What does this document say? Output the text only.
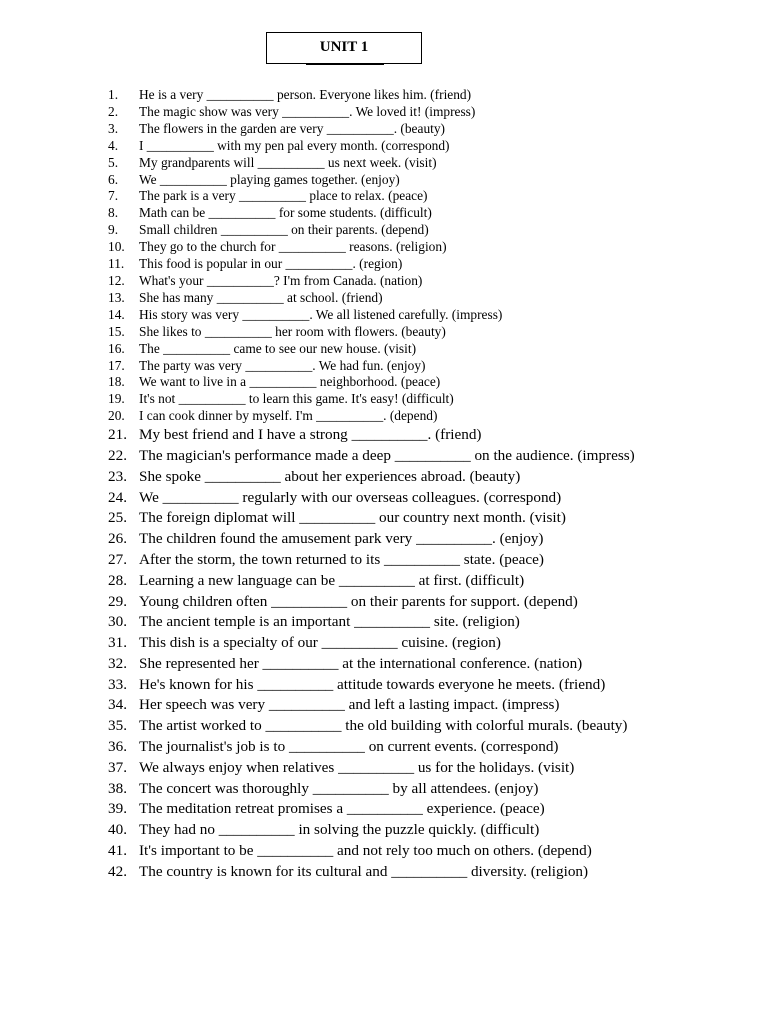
UNIT 1
1.	He is a very __________ person. Everyone likes him. (friend)
2.	The magic show was very __________. We loved it! (impress)
3.	The flowers in the garden are very __________. (beauty)
4.	I __________ with my pen pal every month. (correspond)
5.	My grandparents will __________ us next week. (visit)
6.	We __________ playing games together. (enjoy)
7.	The park is a very __________ place to relax. (peace)
8.	Math can be __________ for some students. (difficult)
9.	Small children __________ on their parents. (depend)
10.	They go to the church for __________ reasons. (religion)
11.	This food is popular in our __________. (region)
12.	What's your __________? I'm from Canada. (nation)
13.	She has many __________ at school. (friend)
14.	His story was very __________. We all listened carefully. (impress)
15.	She likes to __________ her room with flowers. (beauty)
16.	The __________ came to see our new house. (visit)
17.	The party was very __________. We had fun. (enjoy)
18.	We want to live in a __________ neighborhood. (peace)
19.	It's not __________ to learn this game. It's easy! (difficult)
20.	I can cook dinner by myself. I'm __________. (depend)
21. My best friend and I have a strong __________. (friend)
22. The magician's performance made a deep __________ on the audience. (impress)
23. She spoke __________ about her experiences abroad. (beauty)
24. We __________ regularly with our overseas colleagues. (correspond)
25. The foreign diplomat will __________ our country next month. (visit)
26. The children found the amusement park very __________. (enjoy)
27. After the storm, the town returned to its __________ state. (peace)
28. Learning a new language can be __________ at first. (difficult)
29. Young children often __________ on their parents for support. (depend)
30. The ancient temple is an important __________ site. (religion)
31. This dish is a specialty of our __________ cuisine. (region)
32. She represented her __________ at the international conference. (nation)
33. He's known for his __________ attitude towards everyone he meets. (friend)
34. Her speech was very __________ and left a lasting impact. (impress)
35. The artist worked to __________ the old building with colorful murals. (beauty)
36. The journalist's job is to __________ on current events. (correspond)
37. We always enjoy when relatives __________ us for the holidays. (visit)
38. The concert was thoroughly __________ by all attendees. (enjoy)
39. The meditation retreat promises a __________ experience. (peace)
40. They had no __________ in solving the puzzle quickly. (difficult)
41. It's important to be __________ and not rely too much on others. (depend)
42. The country is known for its cultural and __________ diversity. (religion)
